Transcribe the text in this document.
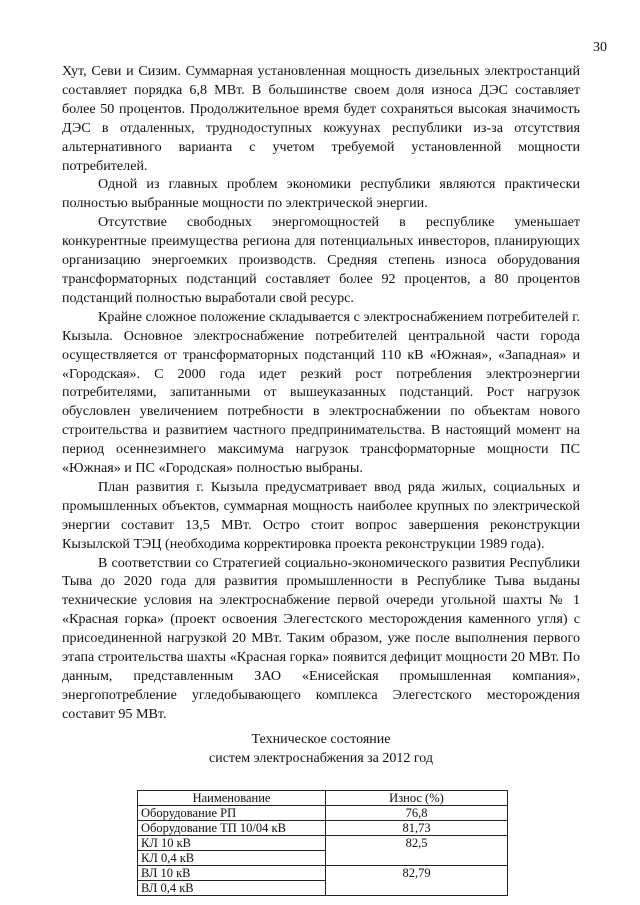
30

Хут, Севи и Сизим. Суммарная установленная мощность дизельных электростанций составляет порядка 6,8 МВт. В большинстве своем доля износа ДЭС составляет более 50 процентов. Продолжительное время будет сохраняться высокая значимость ДЭС в отдаленных, труднодоступных кожуунах республики из-за отсутствия альтернативного варианта с учетом требуемой установленной мощности потребителей.

Одной из главных проблем экономики республики являются практически полностью выбранные мощности по электрической энергии.

Отсутствие свободных энергомощностей в республике уменьшает конкурентные преимущества региона для потенциальных инвесторов, планирующих организацию энергоемких производств. Средняя степень износа оборудования трансформаторных подстанций составляет более 92 процентов, а 80 процентов подстанций полностью выработали свой ресурс.

Крайне сложное положение складывается с электроснабжением потребителей г. Кызыла. Основное электроснабжение потребителей центральной части города осуществляется от трансформаторных подстанций 110 кВ «Южная», «Западная» и «Городская». С 2000 года идет резкий рост потребления электроэнергии потребителями, запитанными от вышеуказанных подстанций. Рост нагрузок обусловлен увеличением потребности в электроснабжении по объектам нового строительства и развитием частного предпринимательства. В настоящий момент на период осеннезимнего максимума нагрузок трансформаторные мощности ПС «Южная» и ПС «Городская» полностью выбраны.

План развития г. Кызыла предусматривает ввод ряда жилых, социальных и промышленных объектов, суммарная мощность наиболее крупных по электрической энергии составит 13,5 МВт. Остро стоит вопрос завершения реконструкции Кызылской ТЭЦ (необходима корректировка проекта реконструкции 1989 года).

В соответствии со Стратегией социально-экономического развития Республики Тыва до 2020 года для развития промышленности в Республике Тыва выданы технические условия на электроснабжение первой очереди угольной шахты № 1 «Красная горка» (проект освоения Элегестского месторождения каменного угля) с присоединенной нагрузкой 20 МВт. Таким образом, уже после выполнения первого этапа строительства шахты «Красная горка» появится дефицит мощности 20 МВт. По данным, представленным ЗАО «Енисейская промышленная компания», энергопотребление угледобывающего комплекса Элегестского месторождения составит 95 МВт.

Техническое состояние
систем электроснабжения за 2012 год
Наименование	Износ (%)
Оборудование РП	76,8
Оборудование ТП 10/04 кВ	81,73
КЛ 10 кВ	82,5
КЛ 0,4 кВ	
ВЛ 10 кВ	82,79
ВЛ 0,4 кВ	
